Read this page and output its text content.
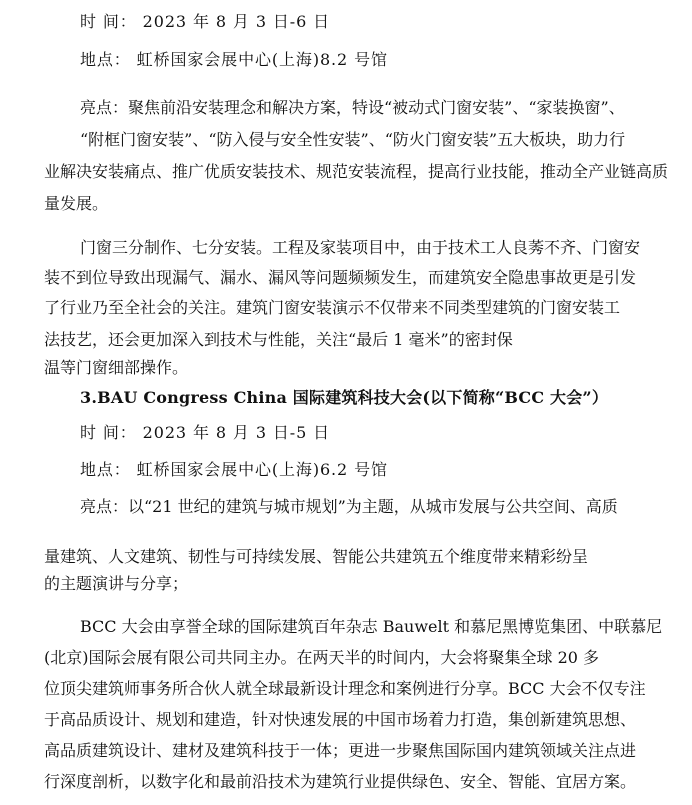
时 间： 2023 年 8 月 3 日-6 日
地点： 虹桥国家会展中心(上海)8.2 号馆
亮点：聚焦前沿安装理念和解决方案，特设“被动式门窗安装”、“家装换窗”、
“附框门窗安装”、“防入侵与安全性安装”、“防火门窗安装”五大板块，助力行
业解决安装痛点、推广优质安装技术、规范安装流程，提高行业技能，推动全产业链高质
量发展。
门窗三分制作、七分安装。工程及家装项目中，由于技术工人良莠不齐、门窗安
装不到位导致出现漏气、漏水、漏风等问题频频发生，而建筑安全隐患事故更是引发
了行业乃至全社会的关注。建筑门窗安装演示不仅带来不同类型建筑的门窗安装工
法技艺，还会更加深入到技术与性能，关注“最后 1 毫米”的密封保
温等门窗细部操作。
3.BAU Congress China 国际建筑科技大会(以下简称“BCC 大会”）
时 间： 2023 年 8 月 3 日-5 日
地点： 虹桥国家会展中心(上海)6.2 号馆
亮点：以“21 世纪的建筑与城市规划”为主题，从城市发展与公共空间、高质
量建筑、人文建筑、韧性与可持续发展、智能公共建筑五个维度带来精彩纷呈
的主题演讲与分享；
BCC 大会由享誉全球的国际建筑百年杂志 Bauwelt 和慕尼黑博览集团、中联慕尼
(北京)国际会展有限公司共同主办。在两天半的时间内，大会将聚集全球 20 多
位顶尖建筑师事务所合伙人就全球最新设计理念和案例进行分享。BCC 大会不仅专注
于高品质设计、规划和建造，针对快速发展的中国市场着力打造，集创新建筑思想、
高品质建筑设计、建材及建筑科技于一体；更进一步聚焦国际国内建筑领域关注点进
行深度剖析，以数字化和最前沿技术为建筑行业提供绿色、安全、智能、宜居方案。
